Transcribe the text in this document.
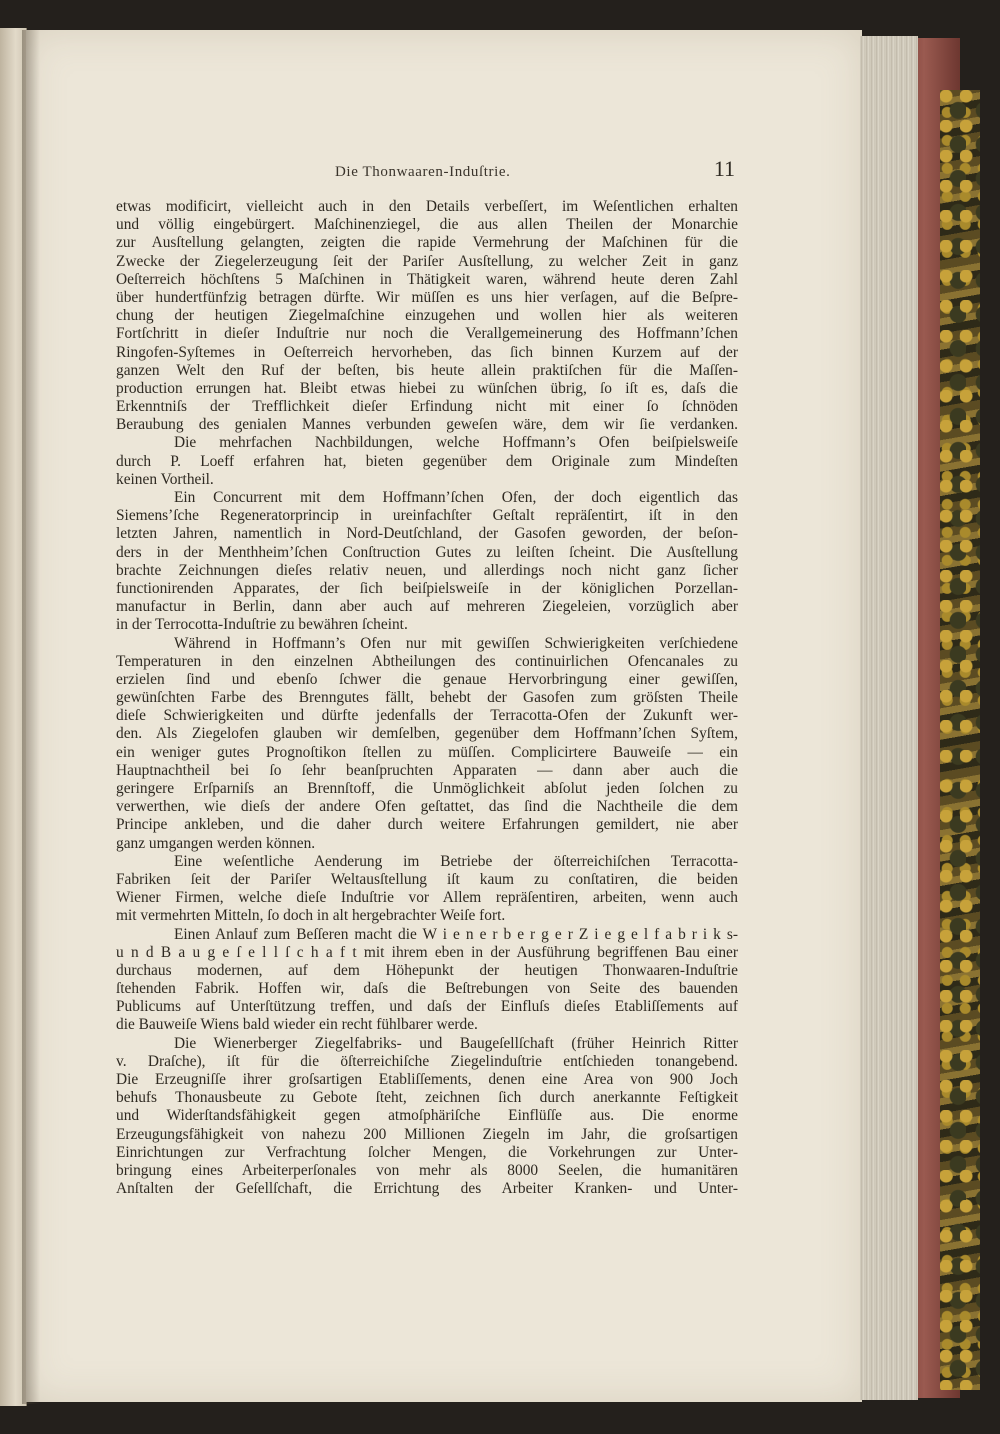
Die Thonwaaren-Induſtrie.	11
etwas modificirt, vielleicht auch in den Details verbeſſert, im Weſentlichen erhalten
und völlig eingebürgert. Maſchinenziegel, die aus allen Theilen der Monarchie
zur Ausſtellung gelangten, zeigten die rapide Vermehrung der Maſchinen für die
Zwecke der Ziegelerzeugung ſeit der Pariſer Ausſtellung, zu welcher Zeit in ganz
Oeſterreich höchſtens 5 Maſchinen in Thätigkeit waren, während heute deren Zahl
über hundertfünfzig betragen dürfte. Wir müſſen es uns hier verſagen, auf die Beſpre-
chung der heutigen Ziegelmaſchine einzugehen und wollen hier als weiteren
Fortſchritt in dieſer Induſtrie nur noch die Verallgemeinerung des Hoffmann’ſchen
Ringofen-Syſtemes in Oeſterreich hervorheben, das ſich binnen Kurzem auf der
ganzen Welt den Ruf der beſten, bis heute allein praktiſchen für die Maſſen-
production errungen hat. Bleibt etwas hiebei zu wünſchen übrig, ſo iſt es, daſs die
Erkenntniſs der Trefflichkeit dieſer Erfindung nicht mit einer ſo ſchnöden
Beraubung des genialen Mannes verbunden geweſen wäre, dem wir ſie verdanken.
Die mehrfachen Nachbildungen, welche Hoffmann’s Ofen beiſpielsweiſe
durch P. Loeff erfahren hat, bieten gegenüber dem Originale zum Mindeſten
keinen Vortheil.
Ein Concurrent mit dem Hoffmann’ſchen Ofen, der doch eigentlich das
Siemens’ſche Regeneratorprincip in ureinfachſter Geſtalt repräſentirt, iſt in den
letzten Jahren, namentlich in Nord-Deutſchland, der Gasofen geworden, der beſon-
ders in der Menthheim’ſchen Conſtruction Gutes zu leiſten ſcheint. Die Ausſtellung
brachte Zeichnungen dieſes relativ neuen, und allerdings noch nicht ganz ſicher
functionirenden Apparates, der ſich beiſpielsweiſe in der königlichen Porzellan-
manufactur in Berlin, dann aber auch auf mehreren Ziegeleien, vorzüglich aber
in der Terrocotta-Induſtrie zu bewähren ſcheint.
Während in Hoffmann’s Ofen nur mit gewiſſen Schwierigkeiten verſchiedene
Temperaturen in den einzelnen Abtheilungen des continuirlichen Ofencanales zu
erzielen ſind und ebenſo ſchwer die genaue Hervorbringung einer gewiſſen,
gewünſchten Farbe des Brenngutes fällt, behebt der Gasofen zum gröſsten Theile
dieſe Schwierigkeiten und dürfte jedenfalls der Terracotta-Ofen der Zukunft wer-
den. Als Ziegelofen glauben wir demſelben, gegenüber dem Hoffmann’ſchen Syſtem,
ein weniger gutes Prognoſtikon ſtellen zu müſſen. Complicirtere Bauweiſe — ein
Hauptnachtheil bei ſo ſehr beanſpruchten Apparaten — dann aber auch die
geringere Erſparniſs an Brennſtoff, die Unmöglichkeit abſolut jeden ſolchen zu
verwerthen, wie dieſs der andere Ofen geſtattet, das ſind die Nachtheile die dem
Principe ankleben, und die daher durch weitere Erfahrungen gemildert, nie aber
ganz umgangen werden können.
Eine weſentliche Aenderung im Betriebe der öſterreichiſchen Terracotta-
Fabriken ſeit der Pariſer Weltausſtellung iſt kaum zu conſtatiren, die beiden
Wiener Firmen, welche dieſe Induſtrie vor Allem repräſentiren, arbeiten, wenn auch
mit vermehrten Mitteln, ſo doch in alt hergebrachter Weiſe fort.
Einen Anlauf zum Beſſeren macht die W i e n e r b e r g e r Z i e g e l f a b r i k s-
u n d B a u g e ſ e l l ſ c h a f t mit ihrem eben in der Ausführung begriffenen Bau einer
durchaus modernen, auf dem Höhepunkt der heutigen Thonwaaren-Induſtrie
ſtehenden Fabrik. Hoffen wir, daſs die Beſtrebungen von Seite des bauenden
Publicums auf Unterſtützung treffen, und daſs der Einfluſs dieſes Etabliſſements auf
die Bauweiſe Wiens bald wieder ein recht fühlbarer werde.
Die Wienerberger Ziegelfabriks- und Baugeſellſchaft (früher Heinrich Ritter
v. Draſche), iſt für die öſterreichiſche Ziegelinduſtrie entſchieden tonangebend.
Die Erzeugniſſe ihrer groſsartigen Etabliſſements, denen eine Area von 900 Joch
behufs Thonausbeute zu Gebote ſteht, zeichnen ſich durch anerkannte Feſtigkeit
und Widerſtandsfähigkeit gegen atmoſphäriſche Einflüſſe aus. Die enorme
Erzeugungsfähigkeit von nahezu 200 Millionen Ziegeln im Jahr, die groſsartigen
Einrichtungen zur Verfrachtung ſolcher Mengen, die Vorkehrungen zur Unter-
bringung eines Arbeiterperſonales von mehr als 8000 Seelen, die humanitären
Anſtalten der Geſellſchaft, die Errichtung des Arbeiter Kranken- und Unter-
